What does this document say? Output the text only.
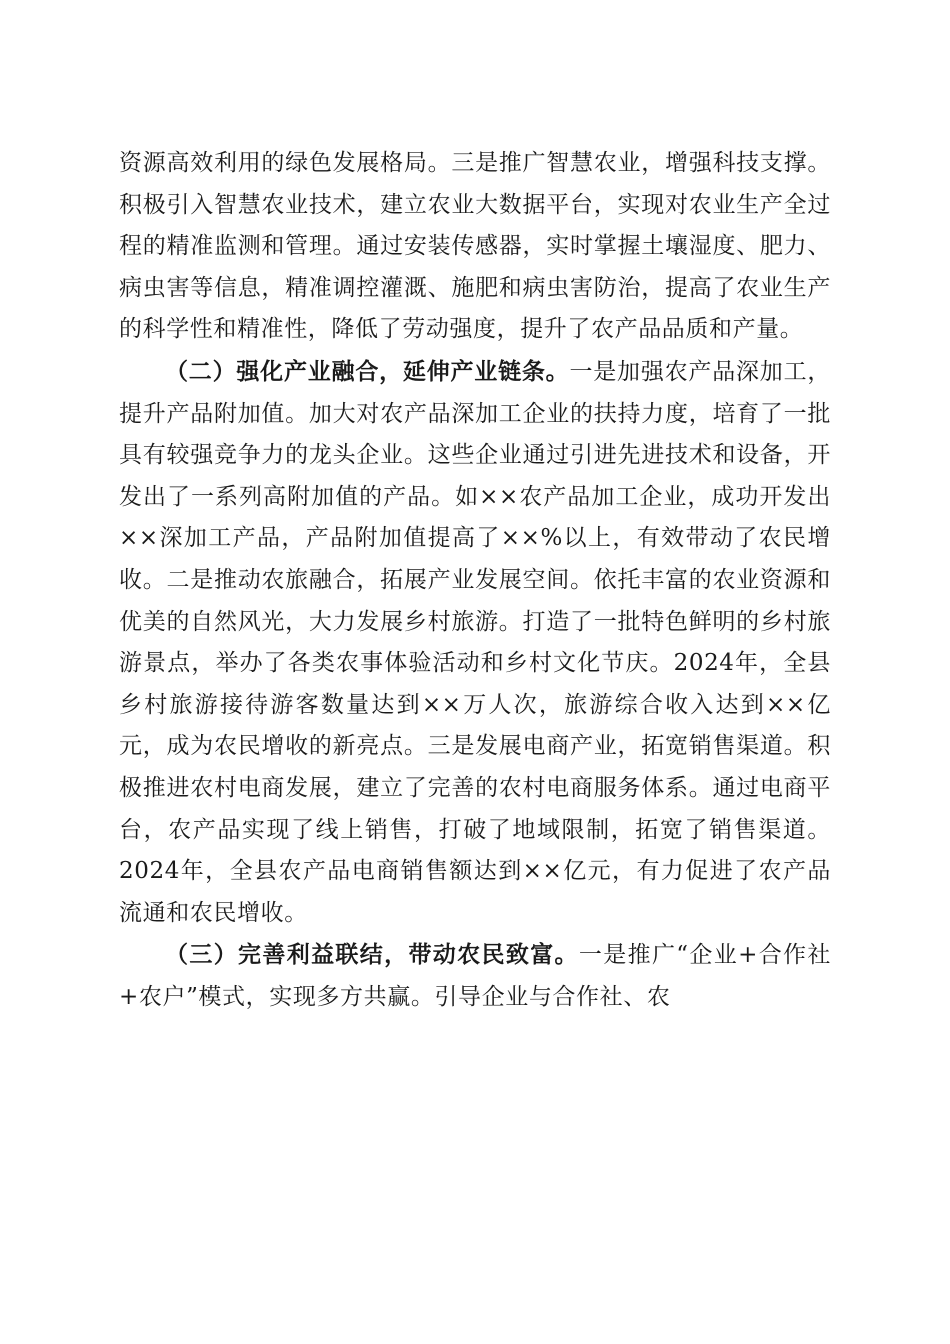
资源高效利用的绿色发展格局。三是推广智慧农业，增强科技支撑。积极引入智慧农业技术，建立农业大数据平台，实现对农业生产全过程的精准监测和管理。通过安装传感器，实时掌握土壤湿度、肥力、病虫害等信息，精准调控灌溉、施肥和病虫害防治，提高了农业生产的科学性和精准性，降低了劳动强度，提升了农产品品质和产量。

（二）强化产业融合，延伸产业链条。一是加强农产品深加工，提升产品附加值。加大对农产品深加工企业的扶持力度，培育了一批具有较强竞争力的龙头企业。这些企业通过引进先进技术和设备，开发出了一系列高附加值的产品。如××农产品加工企业，成功开发出××深加工产品，产品附加值提高了××%以上，有效带动了农民增收。二是推动农旅融合，拓展产业发展空间。依托丰富的农业资源和优美的自然风光，大力发展乡村旅游。打造了一批特色鲜明的乡村旅游景点，举办了各类农事体验活动和乡村文化节庆。2024年，全县乡村旅游接待游客数量达到××万人次，旅游综合收入达到××亿元，成为农民增收的新亮点。三是发展电商产业，拓宽销售渠道。积极推进农村电商发展，建立了完善的农村电商服务体系。通过电商平台，农产品实现了线上销售，打破了地域限制，拓宽了销售渠道。2024年，全县农产品电商销售额达到××亿元，有力促进了农产品流通和农民增收。

（三）完善利益联结，带动农民致富。一是推广“企业+合作社+农户”模式，实现多方共赢。引导企业与合作社、农
